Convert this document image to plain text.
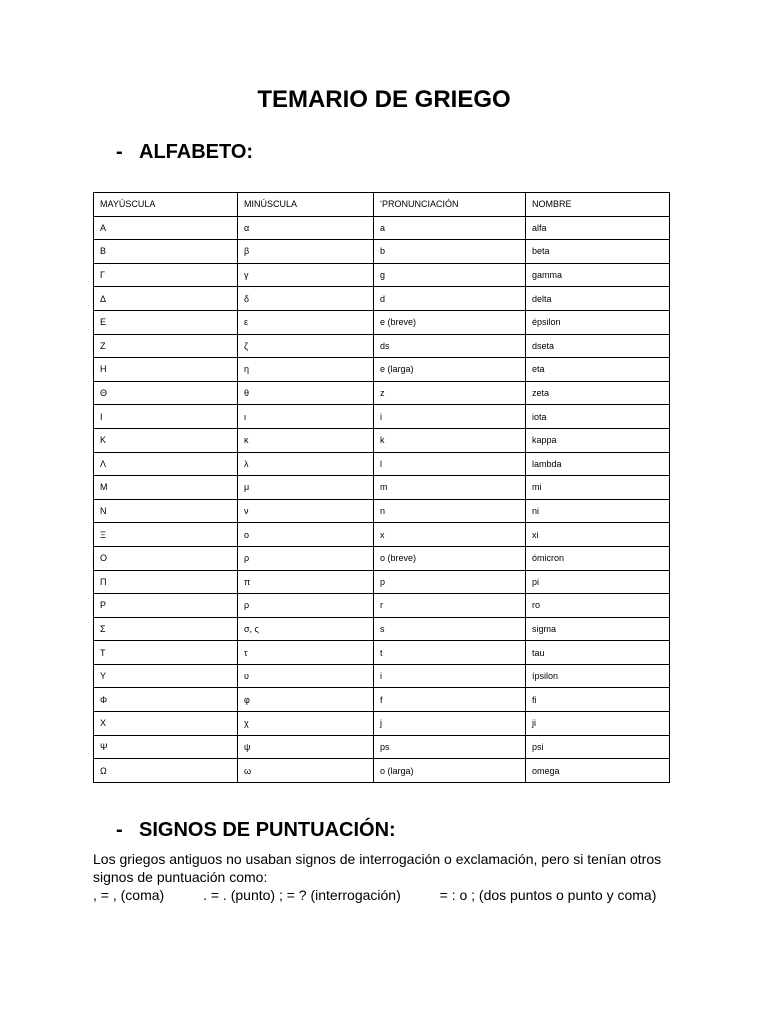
TEMARIO DE GRIEGO
- ALFABETO:
MAYÚSCULA	MINÚSCULA	‘PRONUNCIACIÓN	NOMBRE
Α	α	a	alfa
Β	β	b	beta
Γ	γ	g	gamma
Δ	δ	d	delta
Ε	ε	e (breve)	épsilon
Ζ	ζ	ds	dseta
Η	η	e (larga)	eta
Θ	θ	z	zeta
Ι	ι	i	iota
Κ	κ	k	kappa
Λ	λ	l	lambda
Μ	μ	m	mi
Ν	ν	n	ni
Ξ	ο	x	xi
Ο	ρ	o (breve)	ómicron
Π	π	p	pi
Ρ	ρ	r	ro
Σ	σ, ς	s	sigma
Τ	τ	t	tau
Υ	υ	i	ípsilon
Φ	φ	f	fi
Χ	χ	j	ji
Ψ	ψ	ps	psi
Ω	ω	o (larga)	omega
- SIGNOS DE PUNTUACIÓN:

Los griegos antiguos no usaban signos de interrogación o exclamación, pero si tenían otros signos de puntuación como:

, = , (coma)          . = . (punto) ; = ? (interrogación)          = : o ; (dos puntos o punto y coma)
